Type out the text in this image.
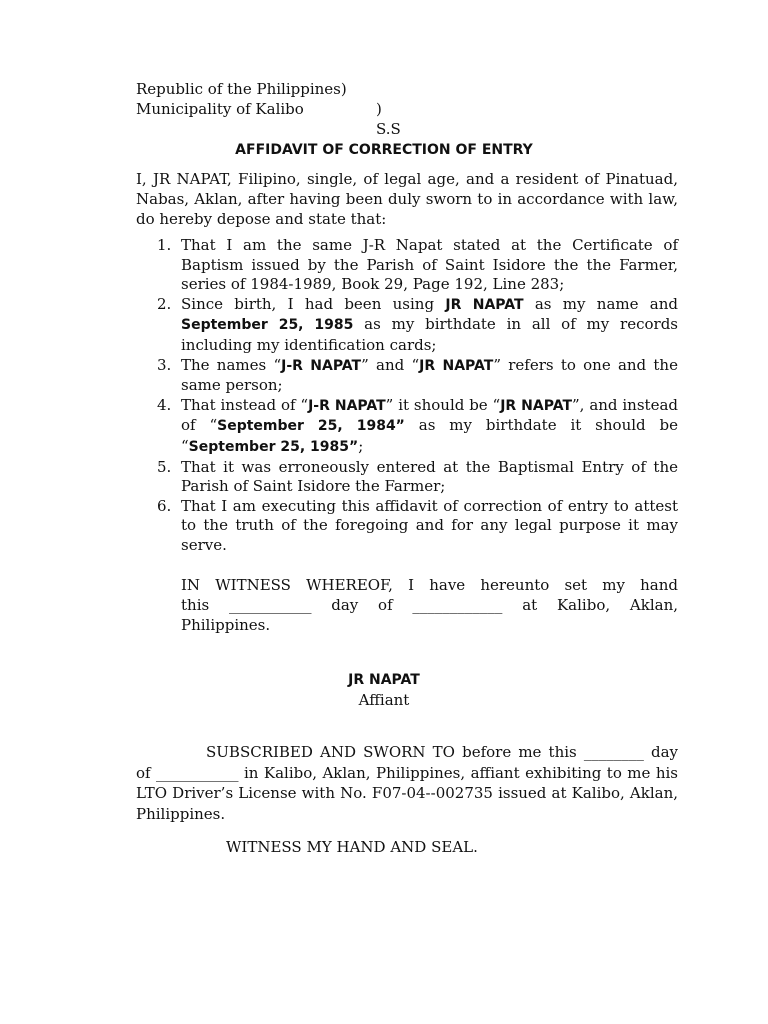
Republic of the Philippines)
Municipality of Kalibo	) S.S
AFFIDAVIT OF CORRECTION OF ENTRY
I, JR NAPAT, Filipino, single, of legal age, and a resident of Pinatuad, Nabas, Aklan, after having been duly sworn to in accordance with law, do hereby depose and state that:
1. That I am the same J-R Napat stated at the Certificate of Baptism issued by the Parish of Saint Isidore the the Farmer, series of 1984-1989, Book 29, Page 192, Line 283;
2. Since birth, I had been using JR NAPAT as my name and September 25, 1985 as my birthdate in all of my records including my identification cards;
3. The names “J-R NAPAT” and “JR NAPAT” refers to one and the same person;
4. That instead of “J-R NAPAT” it should be “JR NAPAT”, and instead of “September 25, 1984” as my birthdate it should be “September 25, 1985”;
5. That it was erroneously entered at the Baptismal Entry of the Parish of Saint Isidore the Farmer;
6. That I am executing this affidavit of correction of entry to attest to the truth of the foregoing and for any legal purpose it may serve.
IN WITNESS WHEREOF, I have hereunto set my hand
this ___________ day of ____________ at Kalibo, Aklan,
Philippines.
JR NAPAT
Affiant
SUBSCRIBED AND SWORN TO before me this ________ day of ___________ in Kalibo, Aklan, Philippines, affiant exhibiting to me his LTO Driver’s License with No. F07-04--002735 issued at Kalibo, Aklan, Philippines.
WITNESS MY HAND AND SEAL.
